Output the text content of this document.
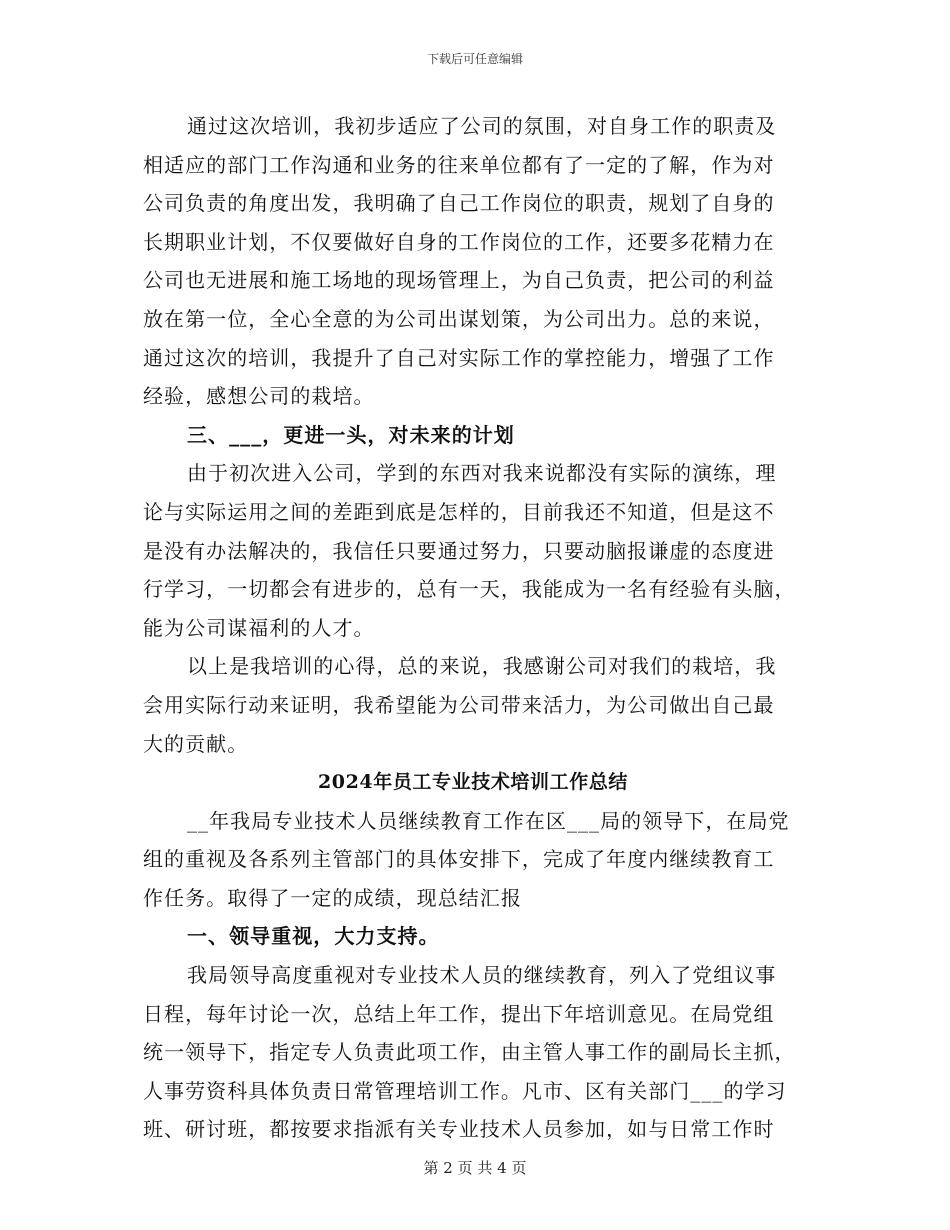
下载后可任意编辑
通过这次培训，我初步适应了公司的氛围，对自身工作的职责及
相适应的部门工作沟通和业务的往来单位都有了一定的了解，作为对
公司负责的角度出发，我明确了自己工作岗位的职责，规划了自身的
长期职业计划，不仅要做好自身的工作岗位的工作，还要多花精力在
公司也无进展和施工场地的现场管理上，为自己负责，把公司的利益
放在第一位，全心全意的为公司出谋划策，为公司出力。总的来说，
通过这次的培训，我提升了自己对实际工作的掌控能力，增强了工作
经验，感想公司的栽培。
三、___，更进一头，对未来的计划
由于初次进入公司，学到的东西对我来说都没有实际的演练，理
论与实际运用之间的差距到底是怎样的，目前我还不知道，但是这不
是没有办法解决的，我信任只要通过努力，只要动脑报谦虚的态度进
行学习，一切都会有进步的，总有一天，我能成为一名有经验有头脑，
能为公司谋福利的人才。
以上是我培训的心得，总的来说，我感谢公司对我们的栽培，我
会用实际行动来证明，我希望能为公司带来活力，为公司做出自己最
大的贡献。
2024年员工专业技术培训工作总结
__年我局专业技术人员继续教育工作在区___局的领导下，在局党
组的重视及各系列主管部门的具体安排下，完成了年度内继续教育工
作任务。取得了一定的成绩，现总结汇报
一、领导重视，大力支持。
我局领导高度重视对专业技术人员的继续教育，列入了党组议事
日程，每年讨论一次，总结上年工作，提出下年培训意见。在局党组
统一领导下，指定专人负责此项工作，由主管人事工作的副局长主抓，
人事劳资科具体负责日常管理培训工作。凡市、区有关部门___的学习
班、研讨班，都按要求指派有关专业技术人员参加，如与日常工作时
第 2 页 共 4 页
